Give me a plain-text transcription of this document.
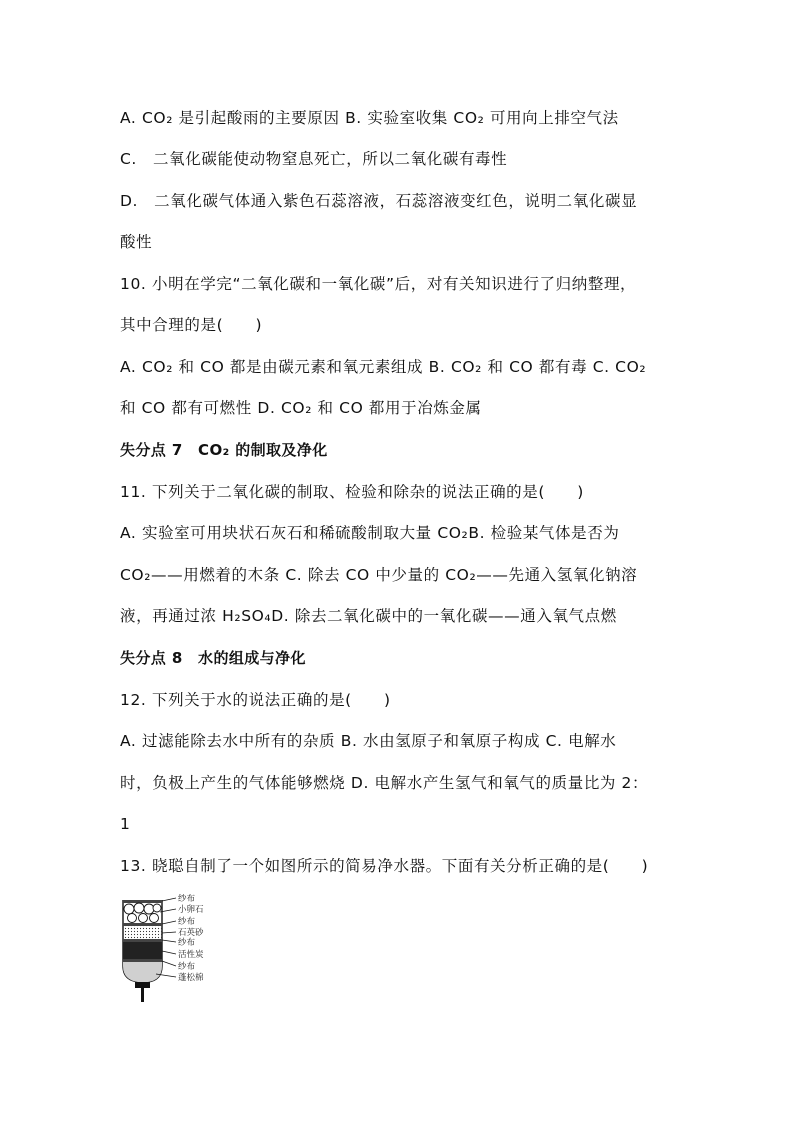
A. CO₂ 是引起酸雨的主要原因 B. 实验室收集 CO₂ 可用向上排空气法

C.　二氧化碳能使动物窒息死亡，所以二氧化碳有毒性

D.　二氧化碳气体通入紫色石蕊溶液，石蕊溶液变红色，说明二氧化碳显

酸性

10. 小明在学完“二氧化碳和一氧化碳”后，对有关知识进行了归纳整理，

其中合理的是(　　)

A. CO₂ 和 CO 都是由碳元素和氧元素组成 B. CO₂ 和 CO 都有毒 C. CO₂

和 CO 都有可燃性 D. CO₂ 和 CO 都用于冶炼金属

失分点 7　CO₂ 的制取及净化

11. 下列关于二氧化碳的制取、检验和除杂的说法正确的是(　　)

A. 实验室可用块状石灰石和稀硫酸制取大量 CO₂B. 检验某气体是否为

CO₂——用燃着的木条 C. 除去 CO 中少量的 CO₂——先通入氢氧化钠溶

液，再通过浓 H₂SO₄D. 除去二氧化碳中的一氧化碳——通入氧气点燃

失分点 8　水的组成与净化

12. 下列关于水的说法正确的是(　　)

A. 过滤能除去水中所有的杂质 B. 水由氢原子和氧原子构成 C. 电解水

时，负极上产生的气体能够燃烧 D. 电解水产生氢气和氧气的质量比为 2：

1

13. 晓聪自制了一个如图所示的简易净水器。下面有关分析正确的是(　　)

纱布
小卵石
纱布
石英砂
纱布
活性炭
纱布
蓬松棉
